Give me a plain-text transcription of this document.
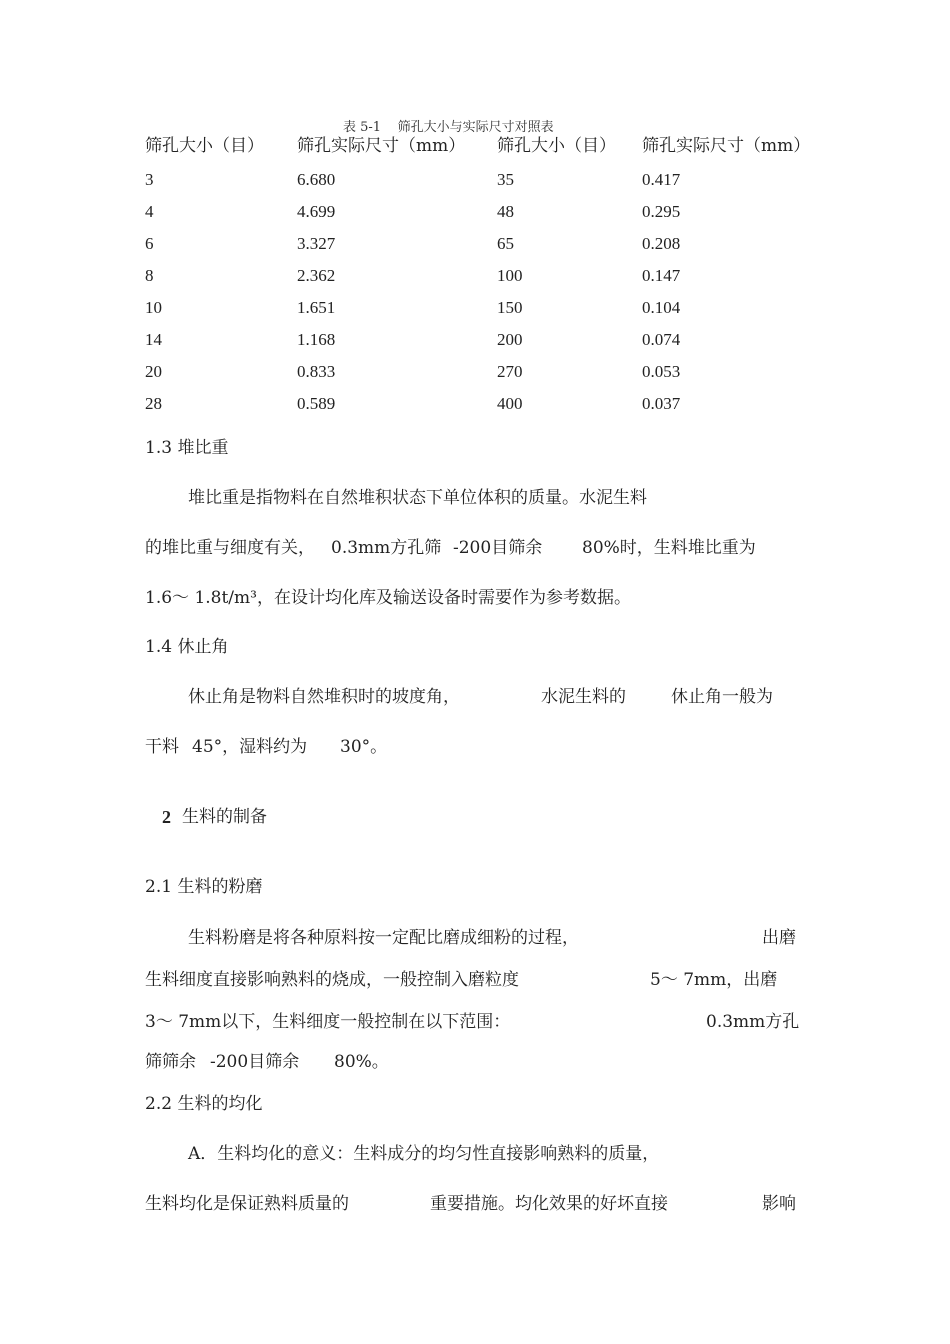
表 5-1    筛孔大小与实际尺寸对照表
筛孔大小（目） 筛孔实际尺寸（mm） 筛孔大小（目） 筛孔实际尺寸（mm）
3	6.680	35	0.417
4	4.699	48	0.295
6	3.327	65	0.208
8	2.362	100	0.147
10	1.651	150	0.104
14	1.168	200	0.074
20	0.833	270	0.053
28	0.589	400	0.037
1.3 堆比重
堆比重是指物料在自然堆积状态下单位体积的质量。水泥生料
的堆比重与细度有关， 0.3mm方孔筛 -200目筛余 80%时，生料堆比重为
1.6～ 1.8t/m³，在设计均化库及输送设备时需要作为参考数据。
1.4 休止角
休止角是物料自然堆积时的坡度角，	水泥生料的	休止角一般为
干料 45°，湿料约为 30°。
2 生料的制备
2.1 生料的粉磨
生料粉磨是将各种原料按一定配比磨成细粉的过程，	出磨
生料细度直接影响熟料的烧成，一般控制入磨粒度	5～ 7mm，出磨
3～ 7mm以下，生料细度一般控制在以下范围：	0.3mm方孔
筛筛余 -200目筛余 80%。
2.2 生料的均化
A．生料均化的意义：生料成分的均匀性直接影响熟料的质量，
生料均化是保证熟料质量的	重要措施。均化效果的好坏直接	影响
